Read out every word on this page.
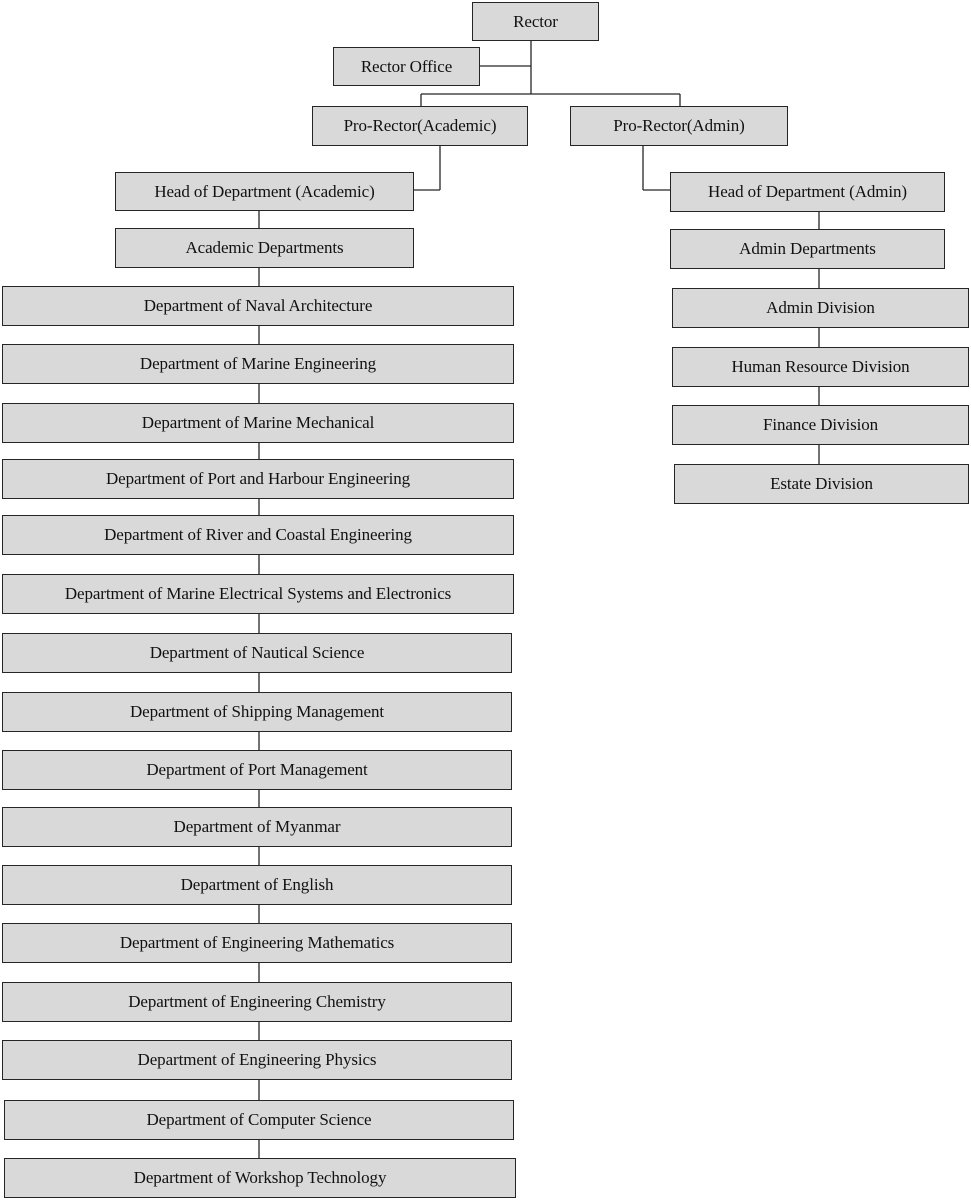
Rector
Rector Office
Pro-Rector(Academic)	Pro-Rector(Admin)
Head of Department (Academic)	Head of Department (Admin)
Academic Departments	Admin Departments
Department of Naval Architecture
Department of Marine Engineering
Department of Marine Mechanical
Department of Port and Harbour Engineering
Department of River and Coastal Engineering
Department of Marine Electrical Systems and Electronics
Department of Nautical Science
Department of Shipping Management
Department of Port Management
Department of Myanmar
Department of English
Department of Engineering Mathematics
Department of Engineering Chemistry
Department of Engineering Physics
Department of Computer Science
Department of Workshop Technology
Admin Division
Human Resource Division
Finance Division
Estate Division
